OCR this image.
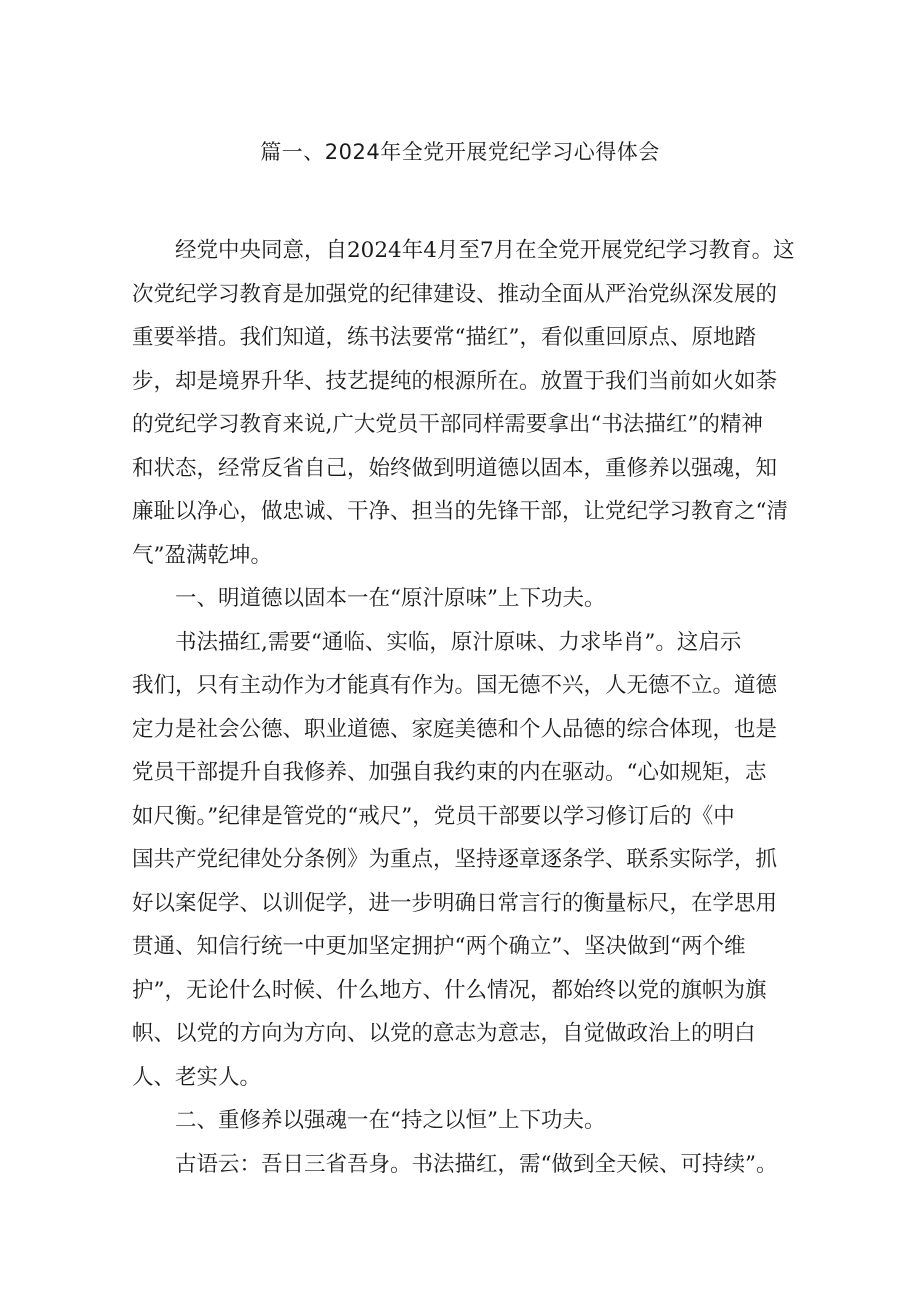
篇一、2024年全党开展党纪学习心得体会
　　经党中央同意，自2024年4月至7月在全党开展党纪学习教育。这
次党纪学习教育是加强党的纪律建设、推动全面从严治党纵深发展的
重要举措。我们知道，练书法要常“描红”，看似重回原点、原地踏
步，却是境界升华、技艺提纯的根源所在。放置于我们当前如火如荼
的党纪学习教育来说,广大党员干部同样需要拿出“书法描红”的精神
和状态，经常反省自己，始终做到明道德以固本，重修养以强魂，知
廉耻以净心，做忠诚、干净、担当的先锋干部，让党纪学习教育之“清
气”盈满乾坤。
　　一、明道德以固本一在“原汁原味”上下功夫。
　　书法描红,需要“通临、实临，原汁原味、力求毕肖”。这启示
我们，只有主动作为才能真有作为。国无德不兴，人无德不立。道德
定力是社会公德、职业道德、家庭美德和个人品德的综合体现，也是
党员干部提升自我修养、加强自我约束的内在驱动。“心如规矩，志
如尺衡。”纪律是管党的“戒尺”，党员干部要以学习修订后的《中
国共产党纪律处分条例》为重点，坚持逐章逐条学、联系实际学，抓
好以案促学、以训促学，进一步明确日常言行的衡量标尺，在学思用
贯通、知信行统一中更加坚定拥护“两个确立”、坚决做到“两个维
护”，无论什么时候、什么地方、什么情况，都始终以党的旗帜为旗
帜、以党的方向为方向、以党的意志为意志，自觉做政治上的明白
人、老实人。
　　二、重修养以强魂一在“持之以恒”上下功夫。
　　古语云：吾日三省吾身。书法描红，需“做到全天候、可持续”。
